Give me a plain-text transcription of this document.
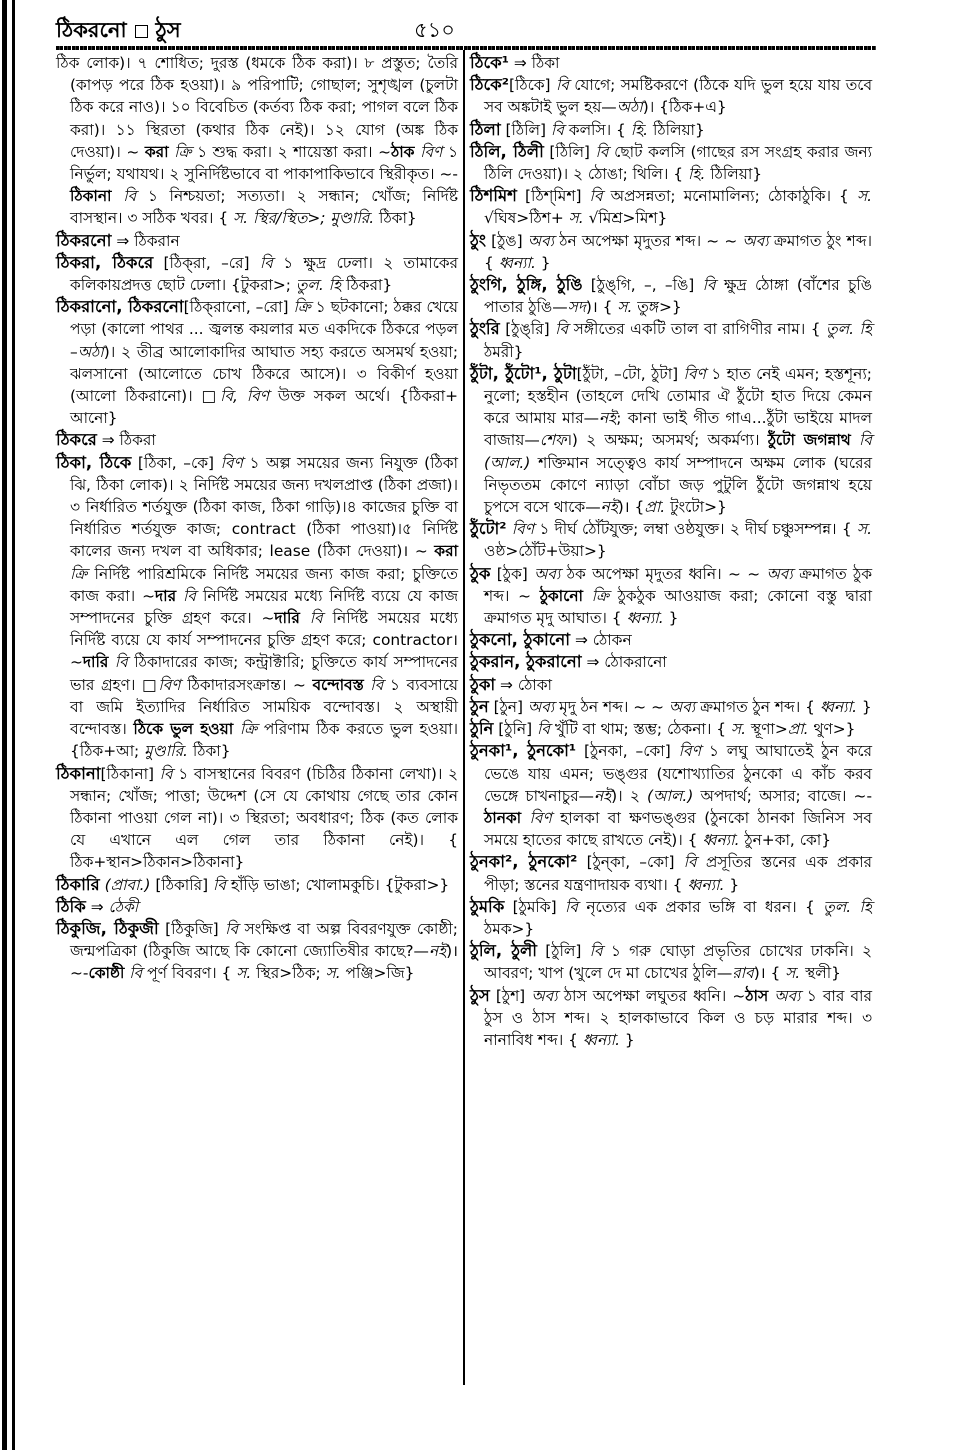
ঠিকরনো ঠুস	৫১০

ঠিক লোক)। ৭ শোধিত; দুরস্ত (ধমকে ঠিক করা)। ৮ প্রস্তুত; তৈরি (কাপড় পরে ঠিক হওয়া)। ৯ পরিপাটি; গোছাল; সুশৃঙ্খল (চুলটা ঠিক করে নাও)। ১০ বিবেচিত (কর্তব্য ঠিক করা; পাগল বলে ঠিক করা)। ১১ স্থিরতা (কথার ঠিক নেই)। ১২ যোগ (অঙ্ক ঠিক দেওয়া)। ~ করা ক্রি ১ শুদ্ধ করা। ২ শায়েস্তা করা। ~ঠাক বিণ ১ নির্ভুল; যথাযথ। ২ সুনির্দিষ্টভাবে বা পাকাপাকিভাবে স্থিরীকৃত। ~-ঠিকানা বি ১ নিশ্চয়তা; সত্যতা। ২ সন্ধান; খোঁজ; নির্দিষ্ট বাসস্থান। ৩ সঠিক খবর। { স. স্থির/স্থিত>; মুণ্ডারি. ঠিকা}

ঠিকরনো ⇒ ঠিকরান

ঠিকরা, ঠিকরে [ঠিক্‌রা, –রে] বি ১ ক্ষুদ্র ঢেলা। ২ তামাকের কলিকায়প্রদত্ত ছোট ঢেলা। {টুকরা>; তুল. হি ঠিকরা}

ঠিকরানো, ঠিকরনো[ঠিক্‌রানো, –রো] ক্রি ১ ছটকানো; ঠক্কর খেয়ে পড়া (কালো পাথর ... জ্বলন্ত কয়লার মত একদিকে ঠিকরে পড়ল –অঠা)। ২ তীব্র আলোকাদির আঘাত সহ্য করতে অসমর্থ হওয়া; ঝলসানো (আলোতে চোখ ঠিকরে আসে)। ৩ বিকীর্ণ হওয়া (আলো ঠিকরানো)। □বি, বিণ উক্ত সকল অর্থে। {ঠিকরা+ আনো}

ঠিকরে ⇒ ঠিকরা

ঠিকা, ঠিকে [ঠিকা, –কে] বিণ ১ অল্প সময়ের জন্য নিযুক্ত (ঠিকা ঝি, ঠিকা লোক)। ২ নির্দিষ্ট সময়ের জন্য দখলপ্রাপ্ত (ঠিকা প্রজা)। ৩ নির্ধারিত শর্তযুক্ত (ঠিকা কাজ, ঠিকা গাড়ি)।৪ কাজের চুক্তি বা নির্ধারিত শর্তযুক্ত কাজ; contract (ঠিকা পাওয়া)।৫ নির্দিষ্ট কালের জন্য দখল বা অধিকার; lease (ঠিকা দেওয়া)। ~ করা ক্রি নির্দিষ্ট পারিশ্রমিকে নির্দিষ্ট সময়ের জন্য কাজ করা; চুক্তিতে কাজ করা। ~দার বি নির্দিষ্ট সময়ের মধ্যে নির্দিষ্ট ব্যয়ে যে কাজ সম্পাদনের চুক্তি গ্রহণ করে। ~দারি বি নির্দিষ্ট সময়ের মধ্যে নির্দিষ্ট ব্যয়ে যে কার্য সম্পাদনের চুক্তি গ্রহণ করে; contractor। ~দারি বি ঠিকাদারের কাজ; কন্ট্রাক্টারি; চুক্তিতে কার্য সম্পাদনের ভার গ্রহণ। □বিণ ঠিকাদারসংক্রান্ত। ~ বন্দোবস্ত বি ১ ব্যবসায়ে বা জমি ইত্যাদির নির্ধারিত সাময়িক বন্দোবস্ত। ২ অস্থায়ী বন্দোবস্ত। ঠিকে ভুল হওয়া ক্রি পরিণাম ঠিক করতে ভুল হওয়া। {ঠিক+আ; মুণ্ডারি. ঠিকা}

ঠিকানা[ঠিকানা] বি ১ বাসস্থানের বিবরণ (চিঠির ঠিকানা লেখা)। ২ সন্ধান; খোঁজ; পাত্তা; উদ্দেশ (সে যে কোথায় গেছে তার কোন ঠিকানা পাওয়া গেল না)। ৩ স্থিরতা; অবধারণ; ঠিক (কত লোক যে এখানে এল গেল তার ঠিকানা নেই)। { ঠিক+স্থান>ঠিকান>ঠিকানা}

ঠিকারি (প্রাবা.) [ঠিকারি] বি হাঁড়ি ভাঙা; খোলামকুচি। {টুকরা>}

ঠিকি ⇒ ঠেকী

ঠিকুজি, ঠিকুজী [ঠিকুজি] বি সংক্ষিপ্ত বা অল্প বিবরণযুক্ত কোষ্ঠী; জন্মপত্রিকা (ঠিকুজি আছে কি কোনো জ্যোতিষীর কাছে?—নই)। ~-কোষ্ঠী বি পূর্ণ বিবরণ। { স. স্থির>ঠিক; স. পঞ্জি>জি}

ঠিকে¹ ⇒ ঠিকা

ঠিকে²[ঠিকে] বি যোগে; সমষ্টিকরণে (ঠিকে যদি ভুল হয়ে যায় তবে সব অঙ্কটাই ভুল হয়—অঠা)। {ঠিক+এ}

ঠিলা [ঠিলি] বি কলসি। { হি. ঠিলিয়া}

ঠিলি, ঠিলী [ঠিলি] বি ছোট কলসি (গাছের রস সংগ্রহ করার জন্য ঠিলি দেওয়া)। ২ ঠোঙা; থিলি। { হি. ঠিলিয়া}

ঠিশমিশ [ঠিশ্‌মিশ] বি অপ্রসন্নতা; মনোমালিন্য; ঠোকাঠুকি। { স. √ঘিষ>ঠিশ+ স. √মিশ্র>মিশ}

ঠুং [ঠুঙ] অব্য ঠন অপেক্ষা মৃদুতর শব্দ। ~ ~ অব্য ক্রমাগত ঠুং শব্দ। { ধ্বন্যা. }

ঠুংগি, ঠুঙ্গি, ঠুঙি [ঠুঙ্‌গি, –, –ঙি] বি ক্ষুদ্র ঠোঙ্গা (বাঁশের চুঙি পাতার ঠুঙি—সদ)। { স. তুঙ্গ>}

ঠুংরি [ঠুঙ্‌রি] বি সঙ্গীতের একটি তাল বা রাগিণীর নাম। { তুল. হি ঠমরী}

ঠুঁটা, ঠুঁটো¹, ঠুটা[ঠুঁটা, –টো, ঠুটা] বিণ ১ হাত নেই এমন; হস্তশূন্য; নুলো; হস্তহীন (তাহলে দেখি তোমার ঐ ঠুঁটো হাত দিয়ে কেমন করে আমায় মার—নই; কানা ভাই গীত গাএ...ঠুঁটা ভাইয়ে মাদল বাজায়—শেফ।) ২ অক্ষম; অসমর্থ; অকর্মণ্য। ঠুঁটো জগন্নাথ বি (আল.) শক্তিমান সত্ত্বেও কার্য সম্পাদনে অক্ষম লোক (ঘরের নিভৃততম কোণে ন্যাড়া বোঁচা জড় পুটুলি ঠুঁটো জগন্নাথ হয়ে চুপসে বসে থাকে—নই)। {প্রা. টুংটো>}

ঠুঁটো² বিণ ১ দীর্ঘ ঠোঁটযুক্ত; লম্বা ওষ্ঠযুক্ত। ২ দীর্ঘ চঞ্চুসম্পন্ন। { স. ওষ্ঠ>ঠোঁট+উয়া>}

ঠুক [ঠুক] অব্য ঠক অপেক্ষা মৃদুতর ধ্বনি। ~ ~ অব্য ক্রমাগত ঠুক শব্দ। ~ ঠুকানো ক্রি ঠুকঠুক আওয়াজ করা; কোনো বস্তু দ্বারা ক্রমাগত মৃদু আঘাত। { ধ্বন্যা. }

ঠুকনো, ঠুকানো ⇒ ঠোকন

ঠুকরান, ঠুকরানো ⇒ ঠোকরানো

ঠুকা ⇒ ঠোকা

ঠুন [ঠুন] অব্য মৃদু ঠন শব্দ। ~ ~ অব্য ক্রমাগত ঠুন শব্দ। { ধ্বন্যা. }

ঠুনি [ঠুনি] বি খুঁটি বা থাম; স্তম্ভ; ঠেকনা। { স. স্থূণা>প্রা. থুণ>}

ঠুনকা¹, ঠুনকো¹ [ঠুনকা, –কো] বিণ ১ লঘু আঘাতেই ঠুন করে ভেঙে যায় এমন; ভঙ্গুর (যশোখ্যাতির ঠুনকো এ কাঁচ করব ভেঙ্গে চাখনাচুর—নই)। ২ (আল.) অপদার্থ; অসার; বাজে। ~-ঠানকা বিণ হালকা বা ক্ষণভঙ্গুর (ঠুনকো ঠানকা জিনিস সব সময়ে হাতের কাছে রাখতে নেই)। { ধ্বন্যা. ঠুন+কা, কো}

ঠুনকা², ঠুনকো² [ঠুন্‌কা, –কো] বি প্রসূতির স্তনের এক প্রকার পীড়া; স্তনের যন্ত্রণাদায়ক ব্যথা। { ধ্বন্যা. }

ঠুমকি [ঠুমকি] বি নৃত্যের এক প্রকার ভঙ্গি বা ধরন। { তুল. হি ঠমক>}

ঠুলি, ঠুলী [ঠুলি] বি ১ গরু ঘোড়া প্রভৃতির চোখের ঢাকনি। ২ আবরণ; খাপ (খুলে দে মা চোখের ঠুলি—রাব)। { স. স্থলী}

ঠুস [ঠুশ] অব্য ঠাস অপেক্ষা লঘুতর ধ্বনি। ~ঠাস অব্য ১ বার বার ঠুস ও ঠাস শব্দ। ২ হালকাভাবে কিল ও চড় মারার শব্দ। ৩ নানাবিধ শব্দ। { ধ্বন্যা. }
